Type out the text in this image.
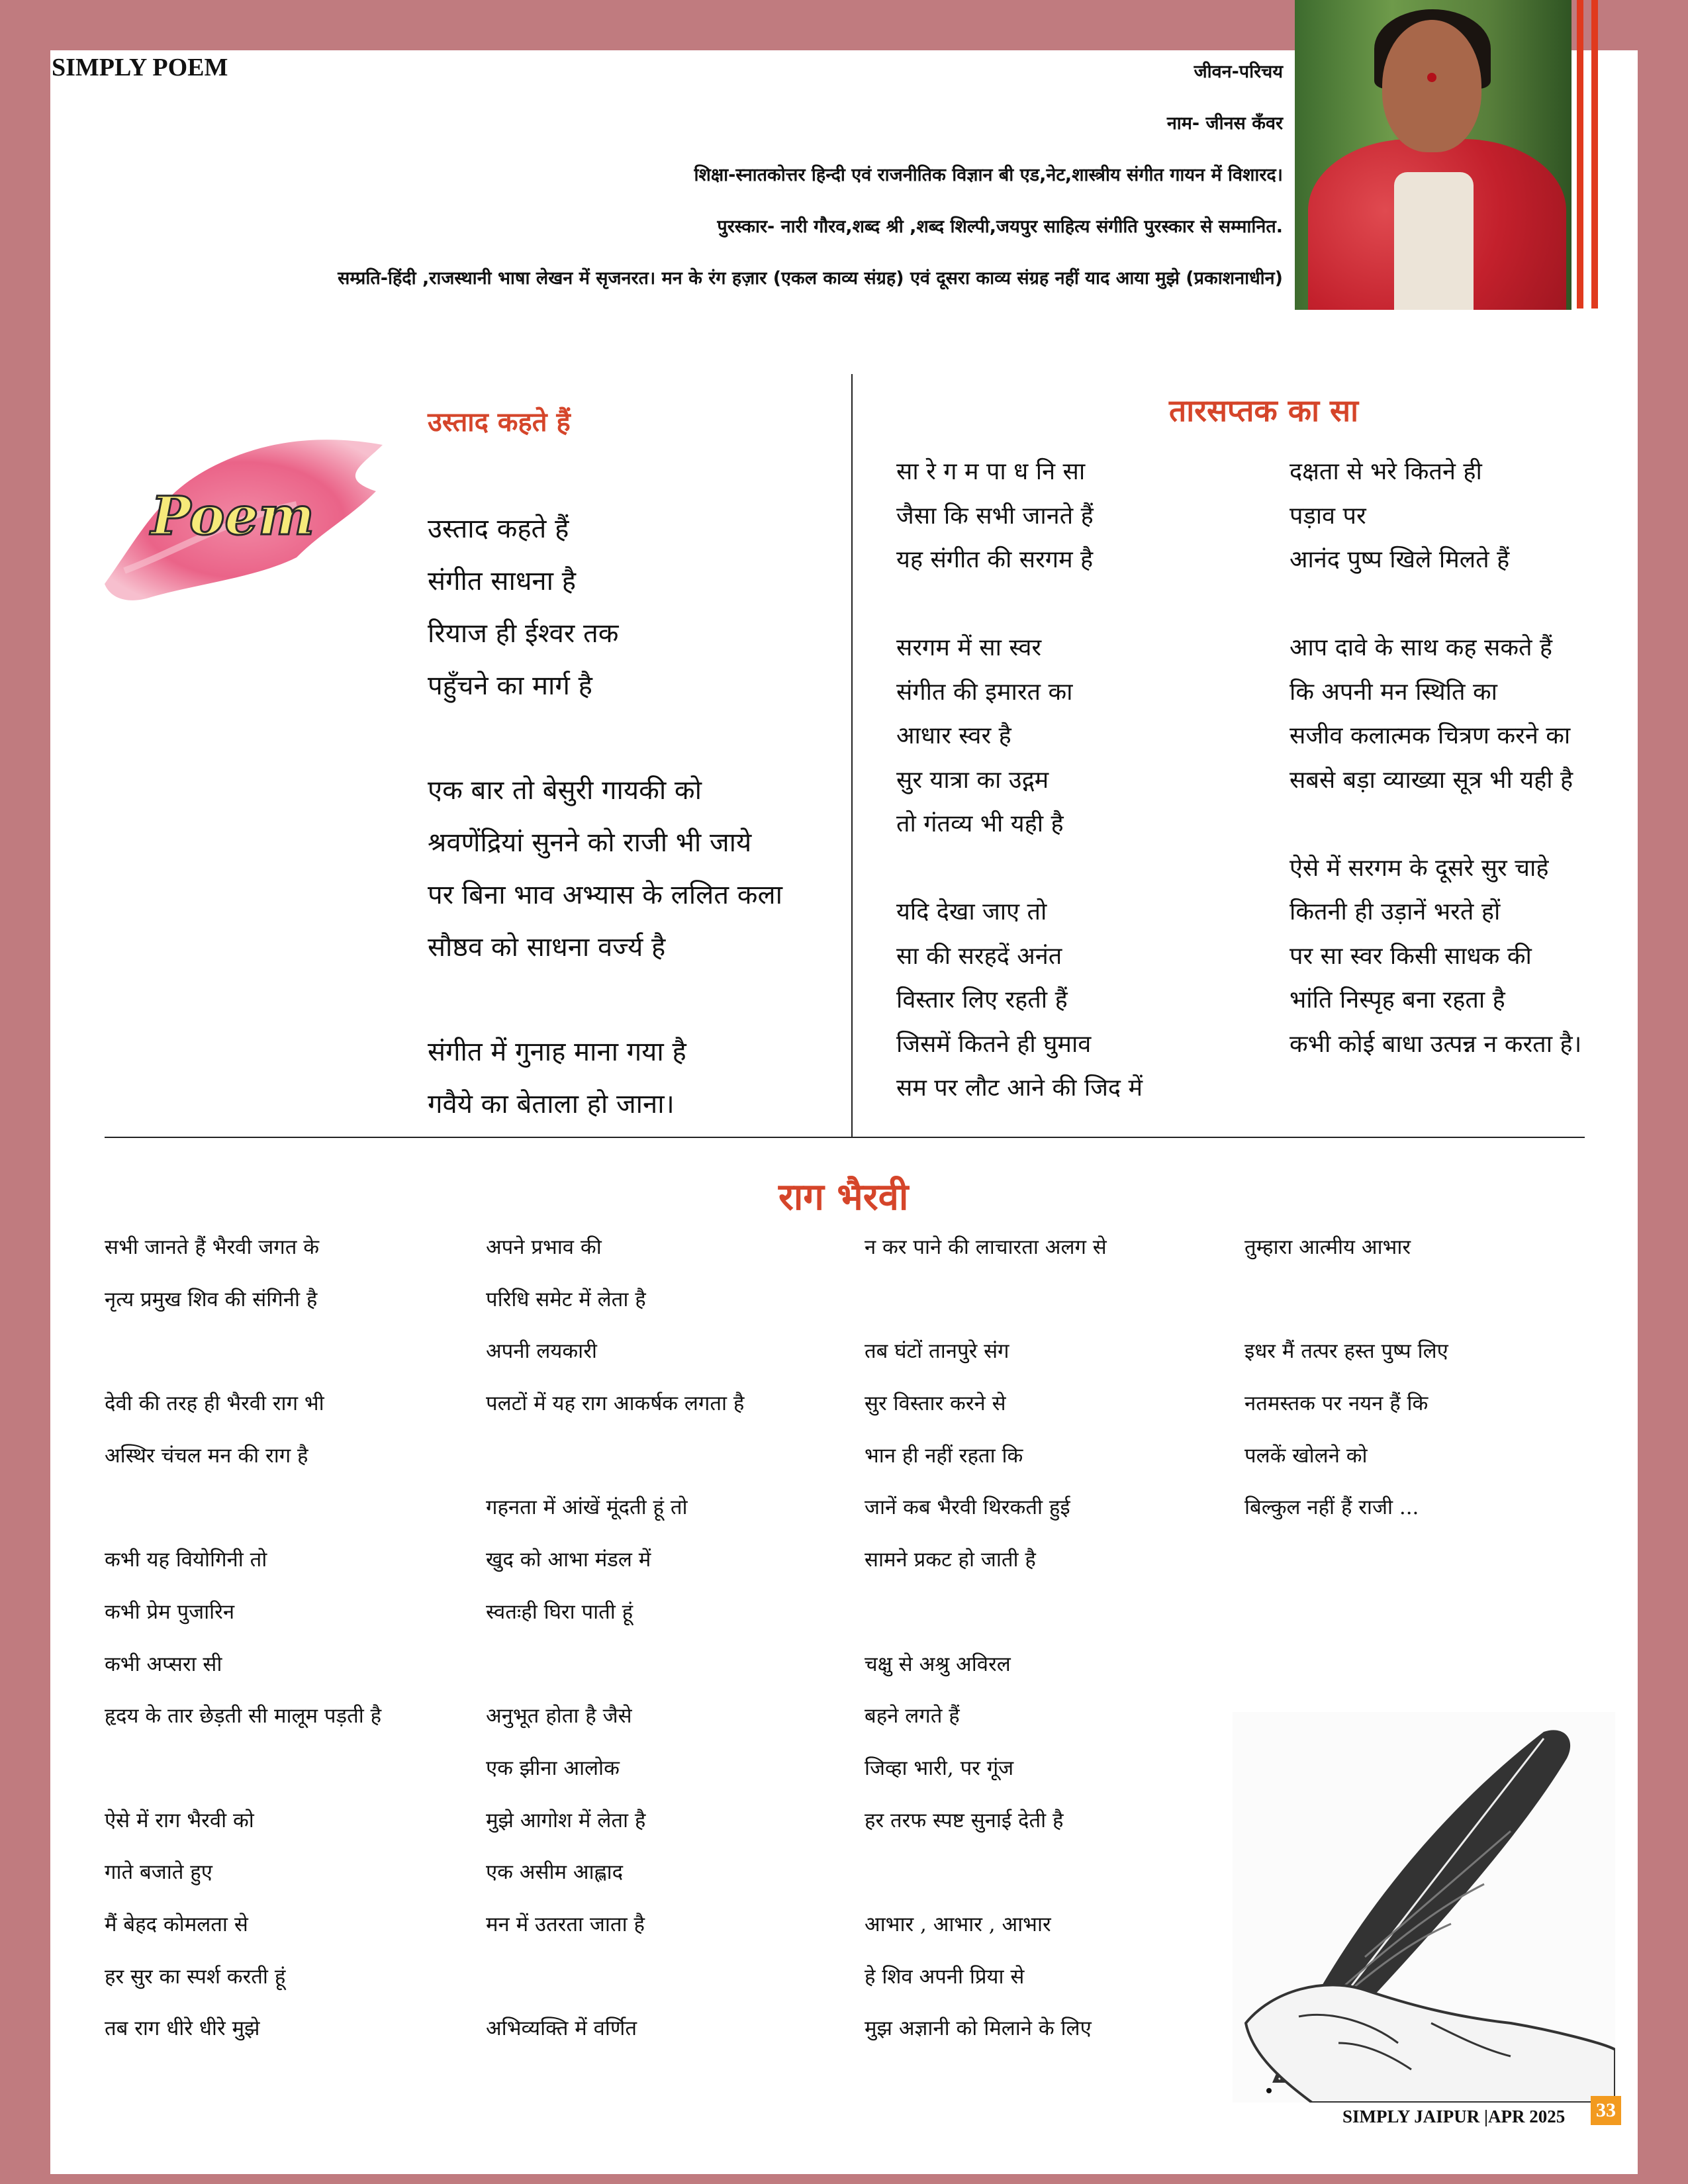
SIMPLY POEM	जीवन-परिचय
नाम- जीनस कँवर
शिक्षा-स्नातकोत्तर हिन्दी एवं राजनीतिक विज्ञान बी एड,नेट,शास्त्रीय संगीत गायन में विशारद।
पुरस्कार- नारी गौरव,शब्द श्री ,शब्द शिल्पी,जयपुर साहित्य संगीति पुरस्कार से सम्मानित.
सम्प्रति-हिंदी ,राजस्थानी भाषा लेखन में सृजनरत। मन के रंग हज़ार (एकल काव्य संग्रह) एवं दूसरा काव्य संग्रह नहीं याद आया मुझे (प्रकाशनाधीन)
Poem
उस्ताद कहते हैं
उस्ताद कहते हैं
संगीत साधना है
रियाज ही ईश्वर तक
पहुँचने का मार्ग है
एक बार तो बेसुरी गायकी को
श्रवणेंद्रियां सुनने को राजी भी जाये
पर बिना भाव अभ्यास के ललित कला
सौष्ठव को साधना वर्ज्य है
संगीत में गुनाह माना गया है
गवैये का बेताला हो जाना।
तारसप्तक का सा
सा रे ग म पा ध नि सा
जैसा कि सभी जानते हैं
यह संगीत की सरगम है
सरगम में सा स्वर
संगीत की इमारत का
आधार स्वर है
सुर यात्रा का उद्गम
तो गंतव्य भी यही है
यदि देखा जाए तो
सा की सरहदें अनंत
विस्तार लिए रहती हैं
जिसमें कितने ही घुमाव
सम पर लौट आने की जिद में
दक्षता से भरे कितने ही
पड़ाव पर
आनंद पुष्प खिले मिलते हैं
आप दावे के साथ कह सकते हैं
कि अपनी मन स्थिति का
सजीव कलात्मक चित्रण करने का
सबसे बड़ा व्याख्या सूत्र भी यही है
ऐसे में सरगम के दूसरे सुर चाहे
कितनी ही उड़ानें भरते हों
पर सा स्वर किसी साधक की
भांति निस्पृह बना रहता है
कभी कोई बाधा उत्पन्न न करता है।
राग भैरवी
सभी जानते हैं भैरवी जगत के
नृत्य प्रमुख शिव की संगिनी है
देवी की तरह ही भैरवी राग भी
अस्थिर चंचल मन की राग है
कभी यह वियोगिनी तो
कभी प्रेम पुजारिन
कभी अप्सरा सी
हृदय के तार छेड़ती सी मालूम पड़ती है
ऐसे में राग भैरवी को
गाते बजाते हुए
मैं बेहद कोमलता से
हर सुर का स्पर्श करती हूं
तब राग धीरे धीरे मुझे
अपने प्रभाव की
परिधि समेट में लेता है
अपनी लयकारी
पलटों में यह राग आकर्षक लगता है
गहनता में आंखें मूंदती हूं तो
खुद को आभा मंडल में
स्वतःही घिरा पाती हूं
अनुभूत होता है जैसे
एक झीना आलोक
मुझे आगोश में लेता है
एक असीम आह्लाद
मन में उतरता जाता है
अभिव्यक्ति में वर्णित
न कर पाने की लाचारता अलग से
तब घंटों तानपुरे संग
सुर विस्तार करने से
भान ही नहीं रहता कि
जानें कब भैरवी थिरकती हुई
सामने प्रकट हो जाती है
चक्षु से अश्रु अविरल
बहने लगते हैं
जिव्हा भारी, पर गूंज
हर तरफ स्पष्ट सुनाई देती है
आभार , आभार , आभार
हे शिव अपनी प्रिया से
मुझ अज्ञानी को मिलाने के लिए
तुम्हारा आत्मीय आभार
इधर मैं तत्पर हस्त पुष्प लिए
नतमस्तक पर नयन हैं कि
पलकें खोलने को
बिल्कुल नहीं हैं राजी ...
SIMPLY JAIPUR |APR 2025 33
